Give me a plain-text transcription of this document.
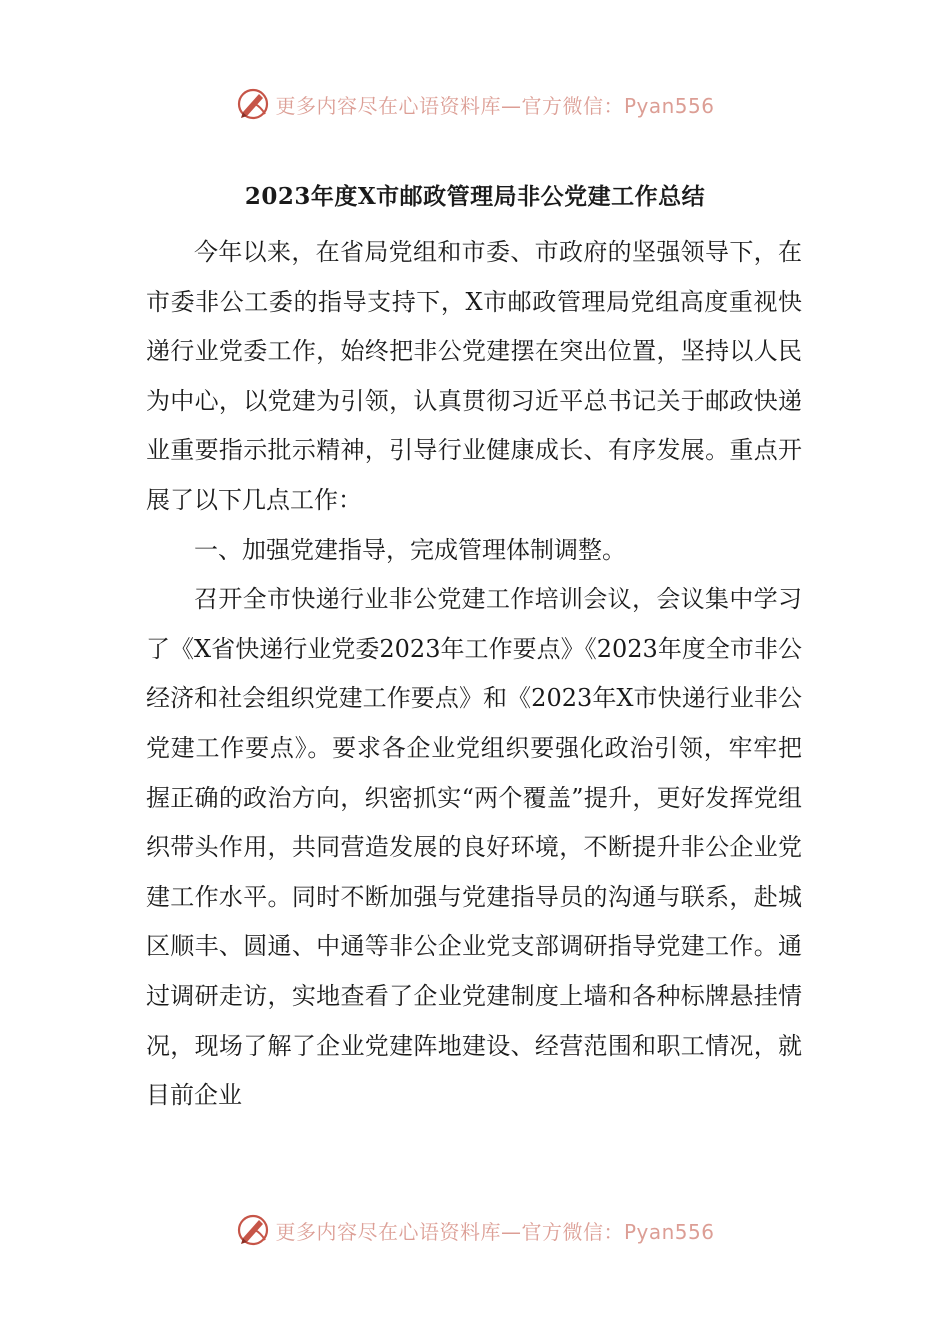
更多内容尽在心语资料库—官方微信：Pyan556
2023年度X市邮政管理局非公党建工作总结

今年以来，在省局党组和市委、市政府的坚强领导下，在市委非公工委的指导支持下，X市邮政管理局党组高度重视快递行业党委工作，始终把非公党建摆在突出位置，坚持以人民为中心，以党建为引领，认真贯彻习近平总书记关于邮政快递业重要指示批示精神，引导行业健康成长、有序发展。重点开展了以下几点工作：

一、加强党建指导，完成管理体制调整。

召开全市快递行业非公党建工作培训会议，会议集中学习了《X省快递行业党委2023年工作要点》《2023年度全市非公经济和社会组织党建工作要点》和《2023年X市快递行业非公党建工作要点》。要求各企业党组织要强化政治引领，牢牢把握正确的政治方向，织密抓实“两个覆盖”提升，更好发挥党组织带头作用，共同营造发展的良好环境，不断提升非公企业党建工作水平。同时不断加强与党建指导员的沟通与联系，赴城区顺丰、圆通、中通等非公企业党支部调研指导党建工作。通过调研走访，实地查看了企业党建制度上墙和各种标牌悬挂情况，现场了解了企业党建阵地建设、经营范围和职工情况，就目前企业

更多内容尽在心语资料库—官方微信：Pyan556
